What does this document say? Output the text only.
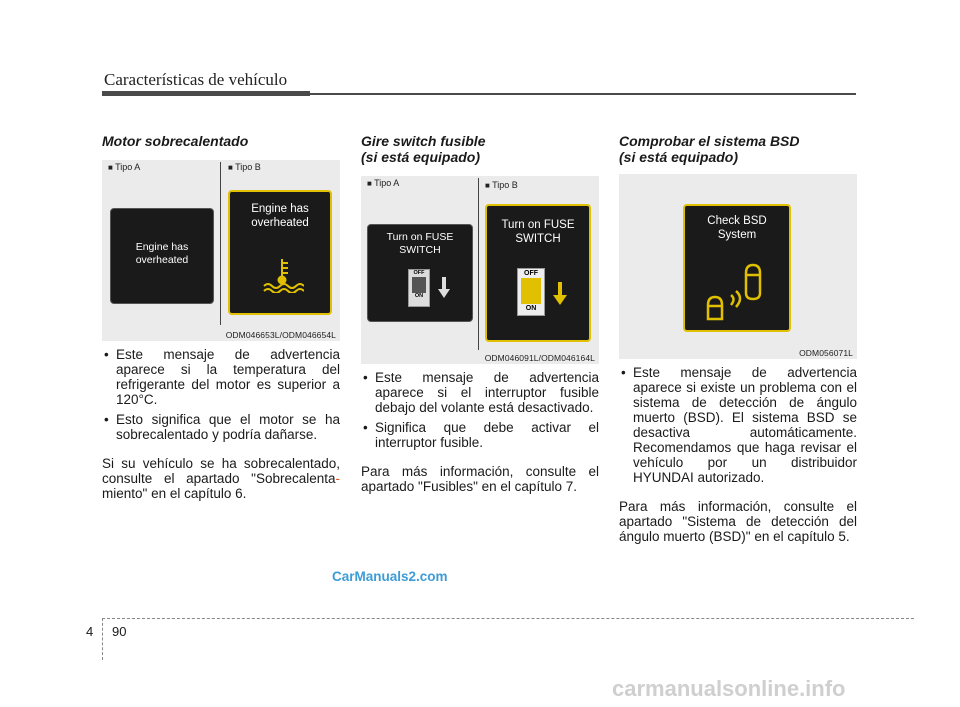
Características de vehículo
Motor sobrecalentado
■ Tipo A	■ Tipo B
Engine has overheated
Engine has overheated
ODM046653L/ODM046654L
• Este mensaje de advertencia aparece si la temperatura del refrigerante del motor es superior a 120°C.
• Esto significa que el motor se ha sobrecalentado y podría dañarse.

Si su vehículo se ha sobrecalentado, consulte el apartado "Sobrecalenta- miento" en el capítulo 6.

Gire switch fusible
(si está equipado)
■ Tipo A	■ Tipo B
Turn on FUSE SWITCH
OFF
ON
Turn on FUSE SWITCH
OFF
ON
ODM046091L/ODM046164L
• Este mensaje de advertencia aparece si el interruptor fusible debajo del volante está desactivado.
• Significa que debe activar el interruptor fusible.

Para más información, consulte el apartado "Fusibles" en el capítulo 7.

Comprobar el sistema BSD
(si está equipado)
Check BSD System
ODM056071L
• Este mensaje de advertencia aparece si existe un problema con el sistema de detección de ángulo muerto (BSD). El sistema BSD se desactiva automáticamente. Recomendamos que haga revisar el vehículo por un distribuidor HYUNDAI autorizado.

Para más información, consulte el apartado "Sistema de detección del ángulo muerto (BSD)" en el capítulo 5.

CarManuals2.com
4 90
carmanualsonline.info
